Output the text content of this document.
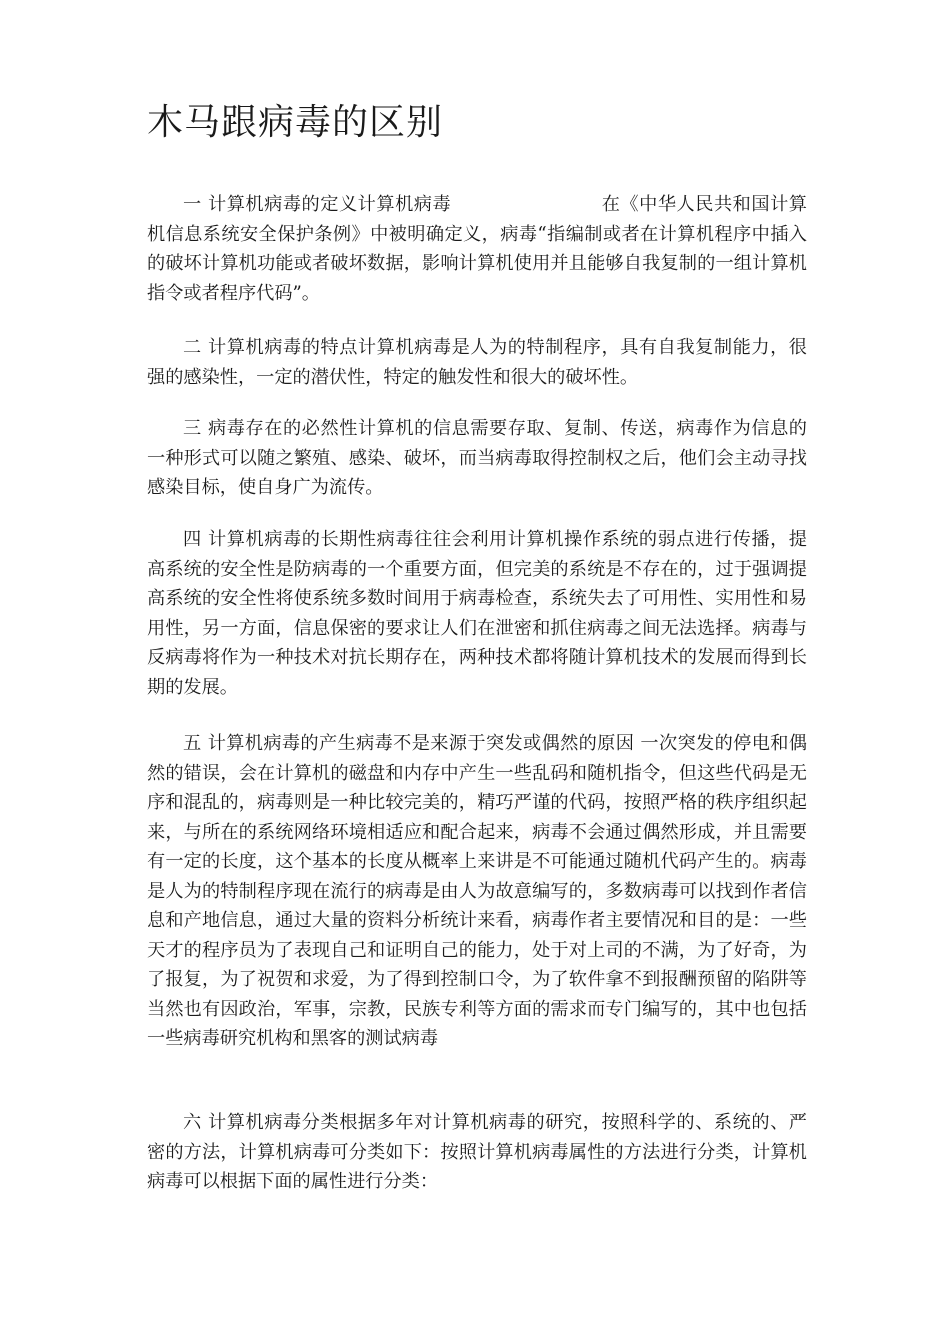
木马跟病毒的区别

一 计算机病毒的定义计算机病毒	在《中华人民共和国计算机信息系统安全保护条例》中被明确定义，病毒“指编制或者在计算机程序中插入的破坏计算机功能或者破坏数据，影响计算机使用并且能够自我复制的一组计算机指令或者程序代码”。

二 计算机病毒的特点计算机病毒是人为的特制程序，具有自我复制能力，很强的感染性，一定的潜伏性，特定的触发性和很大的破坏性。

三 病毒存在的必然性计算机的信息需要存取、复制、传送，病毒作为信息的一种形式可以随之繁殖、感染、破坏，而当病毒取得控制权之后，他们会主动寻找感染目标，使自身广为流传。

四 计算机病毒的长期性病毒往往会利用计算机操作系统的弱点进行传播，提高系统的安全性是防病毒的一个重要方面，但完美的系统是不存在的，过于强调提高系统的安全性将使系统多数时间用于病毒检查，系统失去了可用性、实用性和易用性，另一方面，信息保密的要求让人们在泄密和抓住病毒之间无法选择。病毒与反病毒将作为一种技术对抗长期存在，两种技术都将随计算机技术的发展而得到长期的发展。

五 计算机病毒的产生病毒不是来源于突发或偶然的原因 一次突发的停电和偶然的错误，会在计算机的磁盘和内存中产生一些乱码和随机指令，但这些代码是无序和混乱的，病毒则是一种比较完美的，精巧严谨的代码，按照严格的秩序组织起来，与所在的系统网络环境相适应和配合起来，病毒不会通过偶然形成，并且需要有一定的长度，这个基本的长度从概率上来讲是不可能通过随机代码产生的。病毒是人为的特制程序现在流行的病毒是由人为故意编写的，多数病毒可以找到作者信息和产地信息，通过大量的资料分析统计来看，病毒作者主要情况和目的是：一些天才的程序员为了表现自己和证明自己的能力，处于对上司的不满，为了好奇，为了报复，为了祝贺和求爱，为了得到控制口令，为了软件拿不到报酬预留的陷阱等 当然也有因政治，军事，宗教，民族专利等方面的需求而专门编写的，其中也包括一些病毒研究机构和黑客的测试病毒

六 计算机病毒分类根据多年对计算机病毒的研究，按照科学的、系统的、严密的方法，计算机病毒可分类如下：按照计算机病毒属性的方法进行分类，计算机病毒可以根据下面的属性进行分类：
